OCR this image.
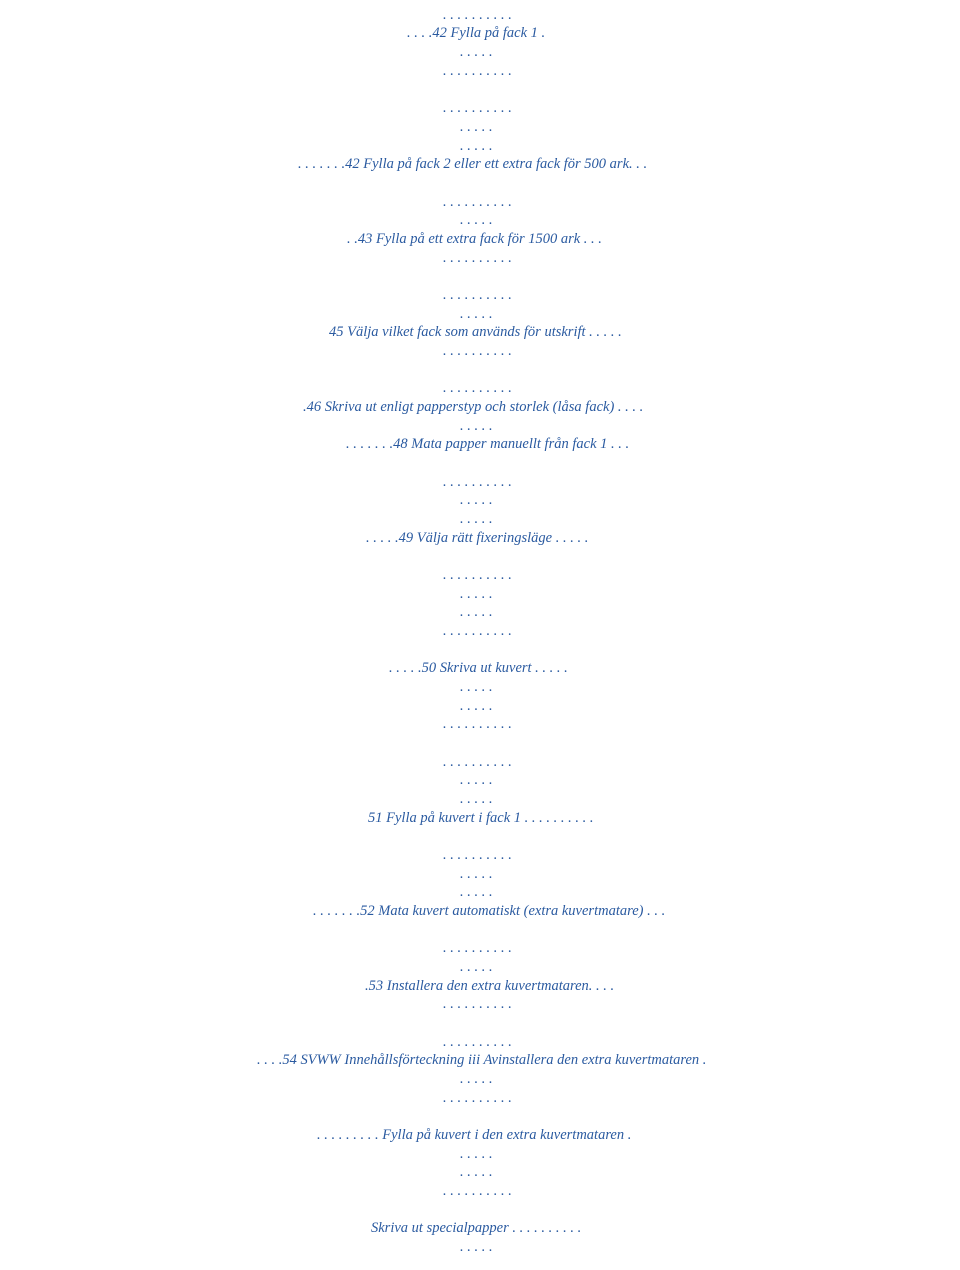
. . . . . . . . . .
. . . .42 Fylla på fack 1 .
. . . . .
. . . . . . . . . .
. . . . . . . . . .
. . . . .
. . . . .
. . . . . . .42 Fylla på fack 2 eller ett extra fack för 500 ark. . .
. . . . . . . . . .
. . . . .
. .43 Fylla på ett extra fack för 1500 ark . . .
. . . . . . . . . .
. . . . . . . . . .
. . . . .
45 Välja vilket fack som används för utskrift . . . . .
. . . . . . . . . .
. . . . . . . . . .
.46 Skriva ut enligt papperstyp och storlek (låsa fack) . . . .
. . . . .
. . . . . . .48 Mata papper manuellt från fack 1 . . .
. . . . . . . . . .
. . . . .
. . . . .
. . . . .49 Välja rätt fixeringsläge . . . . .
. . . . . . . . . .
. . . . .
. . . . .
. . . . . . . . . .
. . . . .50 Skriva ut kuvert . . . . .
. . . . .
. . . . .
. . . . . . . . . .
. . . . . . . . . .
. . . . .
. . . . .
51 Fylla på kuvert i fack 1 . . . . . . . . . .
. . . . . . . . . .
. . . . .
. . . . .
. . . . . . .52 Mata kuvert automatiskt (extra kuvertmatare) . . .
. . . . . . . . . .
. . . . .
.53 Installera den extra kuvertmataren. . . .
. . . . . . . . . .
. . . . . . . . . .
. . . .54 SVWW Innehållsförteckning iii Avinstallera den extra kuvertmataren .
. . . . .
. . . . . . . . . .
. . . . . . . . . Fylla på kuvert i den extra kuvertmataren .
. . . . .
. . . . .
. . . . . . . . . .
Skriva ut specialpapper . . . . . . . . . .
. . . . .
